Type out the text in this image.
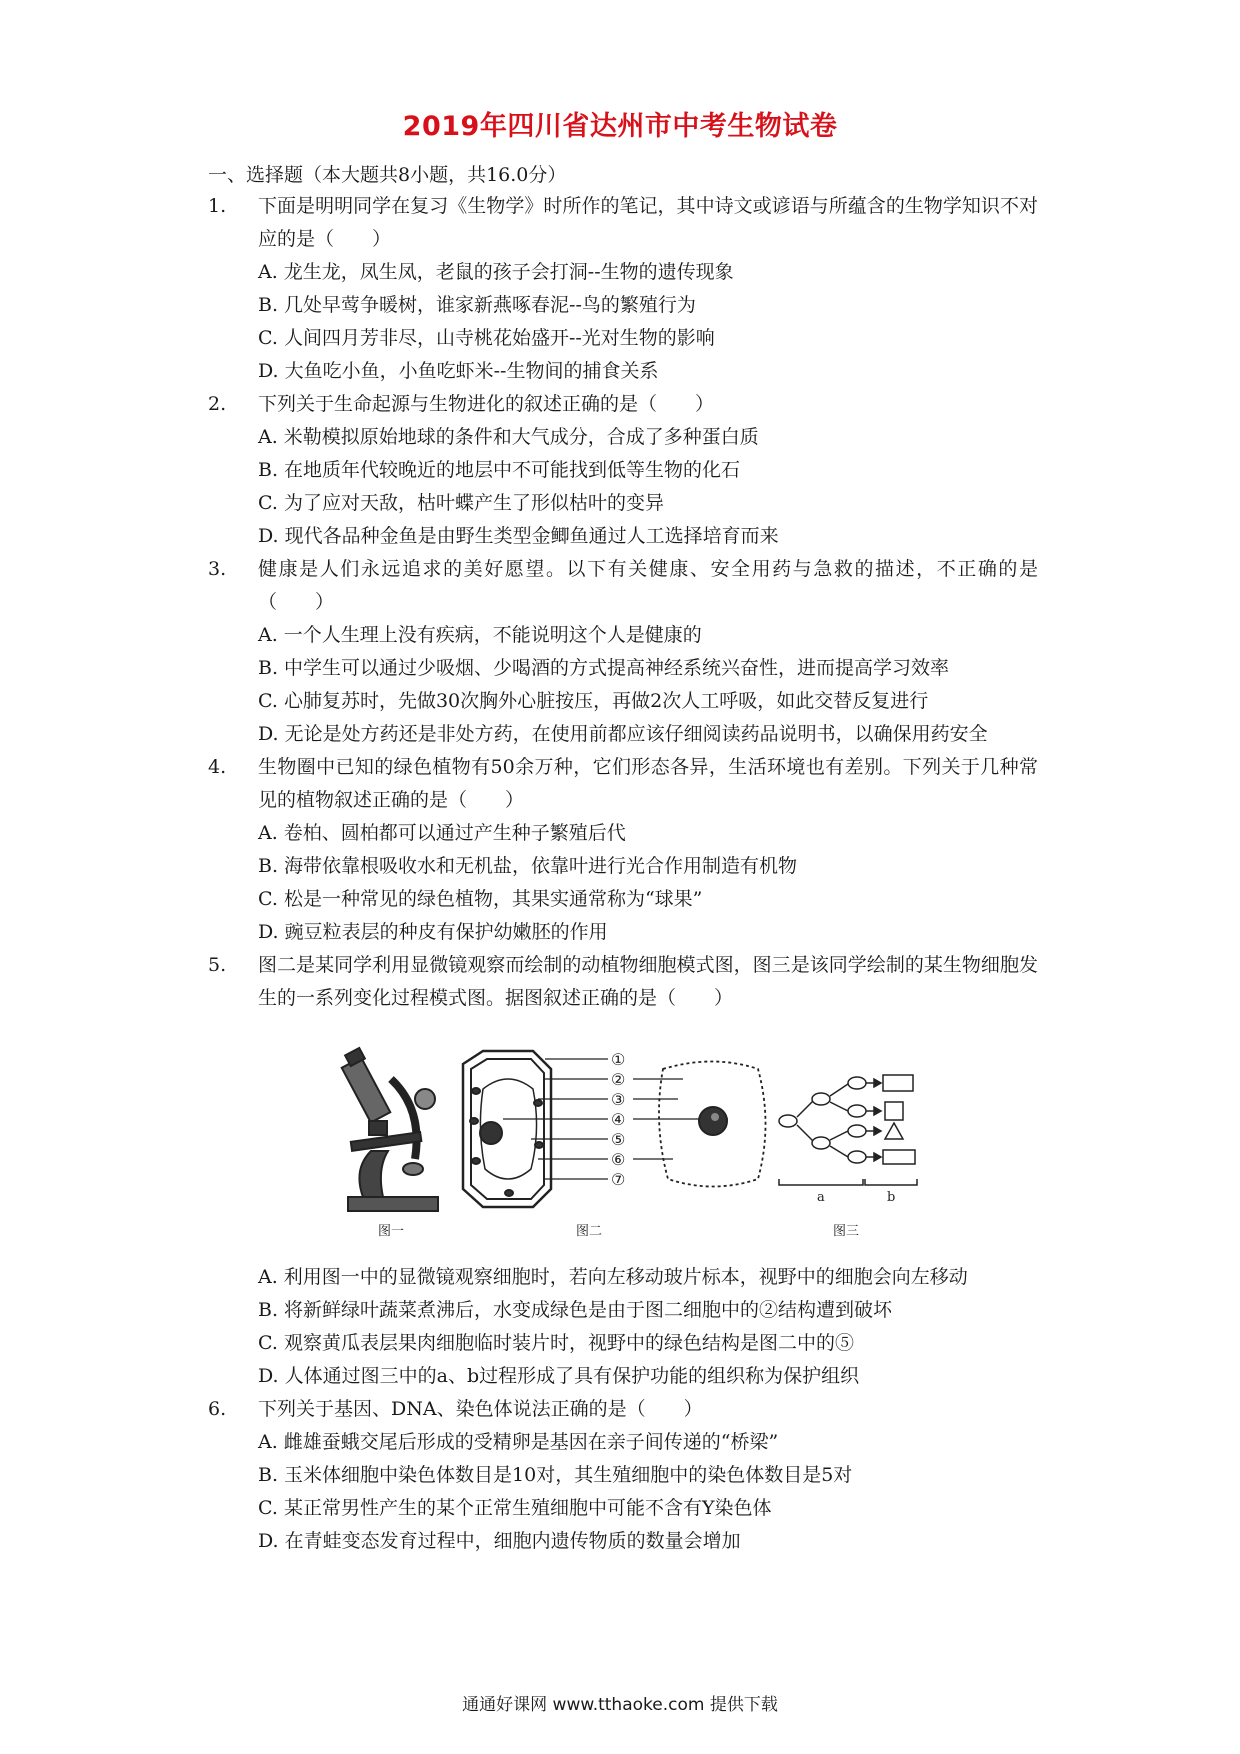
2019年四川省达州市中考生物试卷
一、选择题（本大题共8小题，共16.0分）
1. 下面是明明同学在复习《生物学》时所作的笔记，其中诗文或谚语与所蕴含的生物学知识不对应的是（　　）
A. 龙生龙，凤生凤，老鼠的孩子会打洞--生物的遗传现象
B. 几处早莺争暖树，谁家新燕啄春泥--鸟的繁殖行为
C. 人间四月芳非尽，山寺桃花始盛开--光对生物的影响
D. 大鱼吃小鱼，小鱼吃虾米--生物间的捕食关系
2. 下列关于生命起源与生物进化的叙述正确的是（　　）
A. 米勒模拟原始地球的条件和大气成分，合成了多种蛋白质
B. 在地质年代较晚近的地层中不可能找到低等生物的化石
C. 为了应对天敌，枯叶蝶产生了形似枯叶的变异
D. 现代各品种金鱼是由野生类型金鲫鱼通过人工选择培育而来
3. 健康是人们永远追求的美好愿望。以下有关健康、安全用药与急救的描述，不正确的是（　　）
A. 一个人生理上没有疾病，不能说明这个人是健康的
B. 中学生可以通过少吸烟、少喝酒的方式提高神经系统兴奋性，进而提高学习效率
C. 心肺复苏时，先做30次胸外心脏按压，再做2次人工呼吸，如此交替反复进行
D. 无论是处方药还是非处方药，在使用前都应该仔细阅读药品说明书，以确保用药安全
4. 生物圈中已知的绿色植物有50余万种，它们形态各异，生活环境也有差别。下列关于几种常见的植物叙述正确的是（　　）
A. 卷柏、圆柏都可以通过产生种子繁殖后代
B. 海带依靠根吸收水和无机盐，依靠叶进行光合作用制造有机物
C. 松是一种常见的绿色植物，其果实通常称为“球果”
D. 豌豆粒表层的种皮有保护幼嫩胚的作用
5. 图二是某同学利用显微镜观察而绘制的动植物细胞模式图，图三是该同学绘制的某生物细胞发生的一系列变化过程模式图。据图叙述正确的是（　　）
图一
①
②
③
④
⑤
⑥
⑦
图二
a	b
图三
A. 利用图一中的显微镜观察细胞时，若向左移动玻片标本，视野中的细胞会向左移动
B. 将新鲜绿叶蔬菜煮沸后，水变成绿色是由于图二细胞中的②结构遭到破坏
C. 观察黄瓜表层果肉细胞临时装片时，视野中的绿色结构是图二中的⑤
D. 人体通过图三中的a、b过程形成了具有保护功能的组织称为保护组织
6. 下列关于基因、DNA、染色体说法正确的是（　　）
A. 雌雄蚕蛾交尾后形成的受精卵是基因在亲子间传递的“桥梁”
B. 玉米体细胞中染色体数目是10对，其生殖细胞中的染色体数目是5对
C. 某正常男性产生的某个正常生殖细胞中可能不含有Y染色体
D. 在青蛙变态发育过程中，细胞内遗传物质的数量会增加
通通好课网 www.tthaoke.com 提供下载
